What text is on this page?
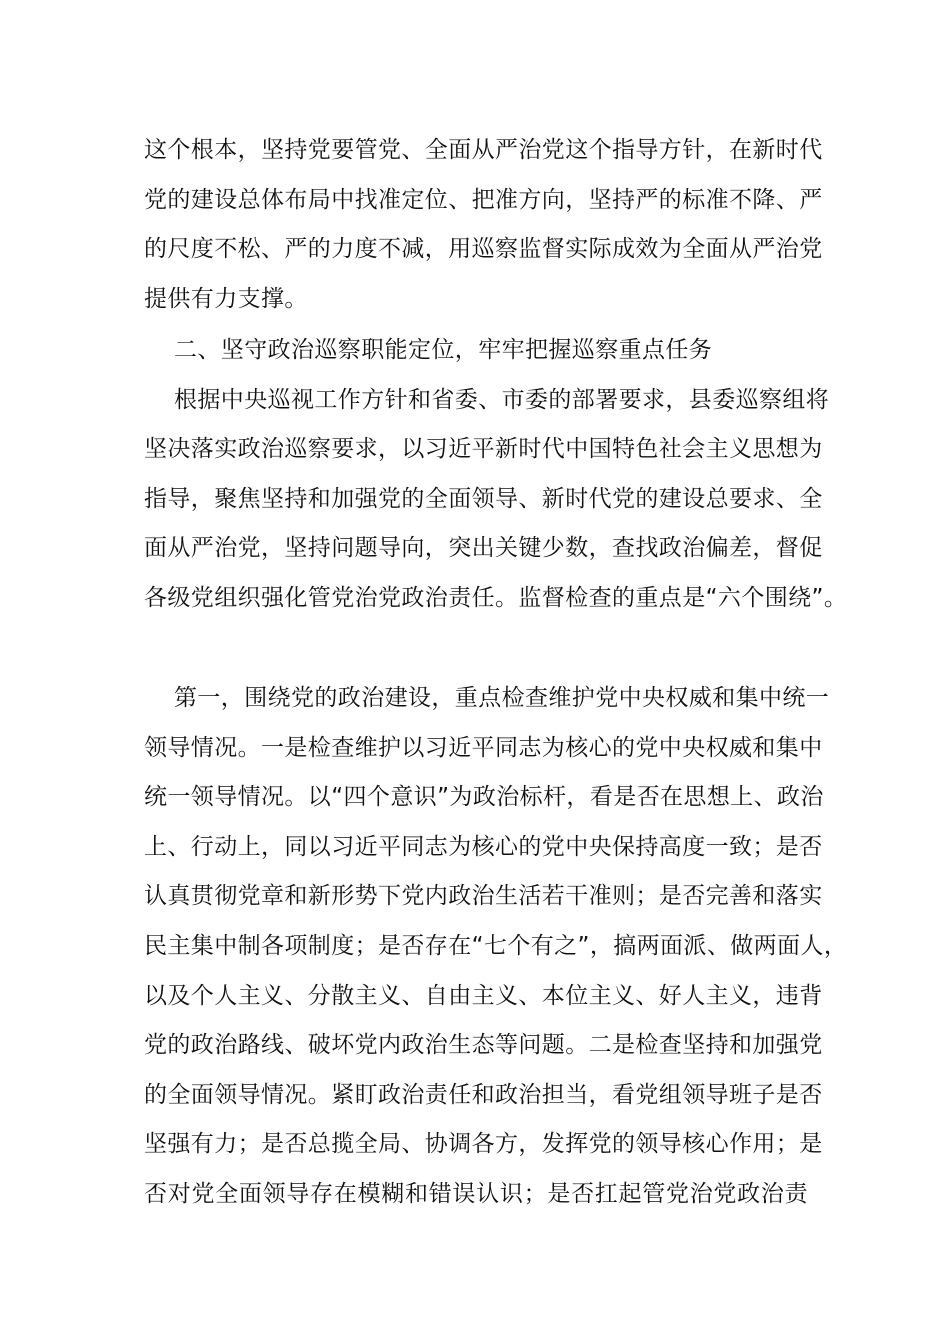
这个根本，坚持党要管党、全面从严治党这个指导方针，在新时代
党的建设总体布局中找准定位、把准方向，坚持严的标准不降、严
的尺度不松、严的力度不减，用巡察监督实际成效为全面从严治党
提供有力支撑。
二、坚守政治巡察职能定位，牢牢把握巡察重点任务
根据中央巡视工作方针和省委、市委的部署要求，县委巡察组将
坚决落实政治巡察要求，以习近平新时代中国特色社会主义思想为
指导，聚焦坚持和加强党的全面领导、新时代党的建设总要求、全
面从严治党，坚持问题导向，突出关键少数，查找政治偏差，督促
各级党组织强化管党治党政治责任。监督检查的重点是“六个围绕”。
第一，围绕党的政治建设，重点检查维护党中央权威和集中统一
领导情况。一是检查维护以习近平同志为核心的党中央权威和集中
统一领导情况。以“四个意识”为政治标杆，看是否在思想上、政治
上、行动上，同以习近平同志为核心的党中央保持高度一致；是否
认真贯彻党章和新形势下党内政治生活若干准则；是否完善和落实
民主集中制各项制度；是否存在“七个有之”，搞两面派、做两面人，
以及个人主义、分散主义、自由主义、本位主义、好人主义，违背
党的政治路线、破坏党内政治生态等问题。二是检查坚持和加强党
的全面领导情况。紧盯政治责任和政治担当，看党组领导班子是否
坚强有力；是否总揽全局、协调各方，发挥党的领导核心作用；是
否对党全面领导存在模糊和错误认识；是否扛起管党治党政治责
